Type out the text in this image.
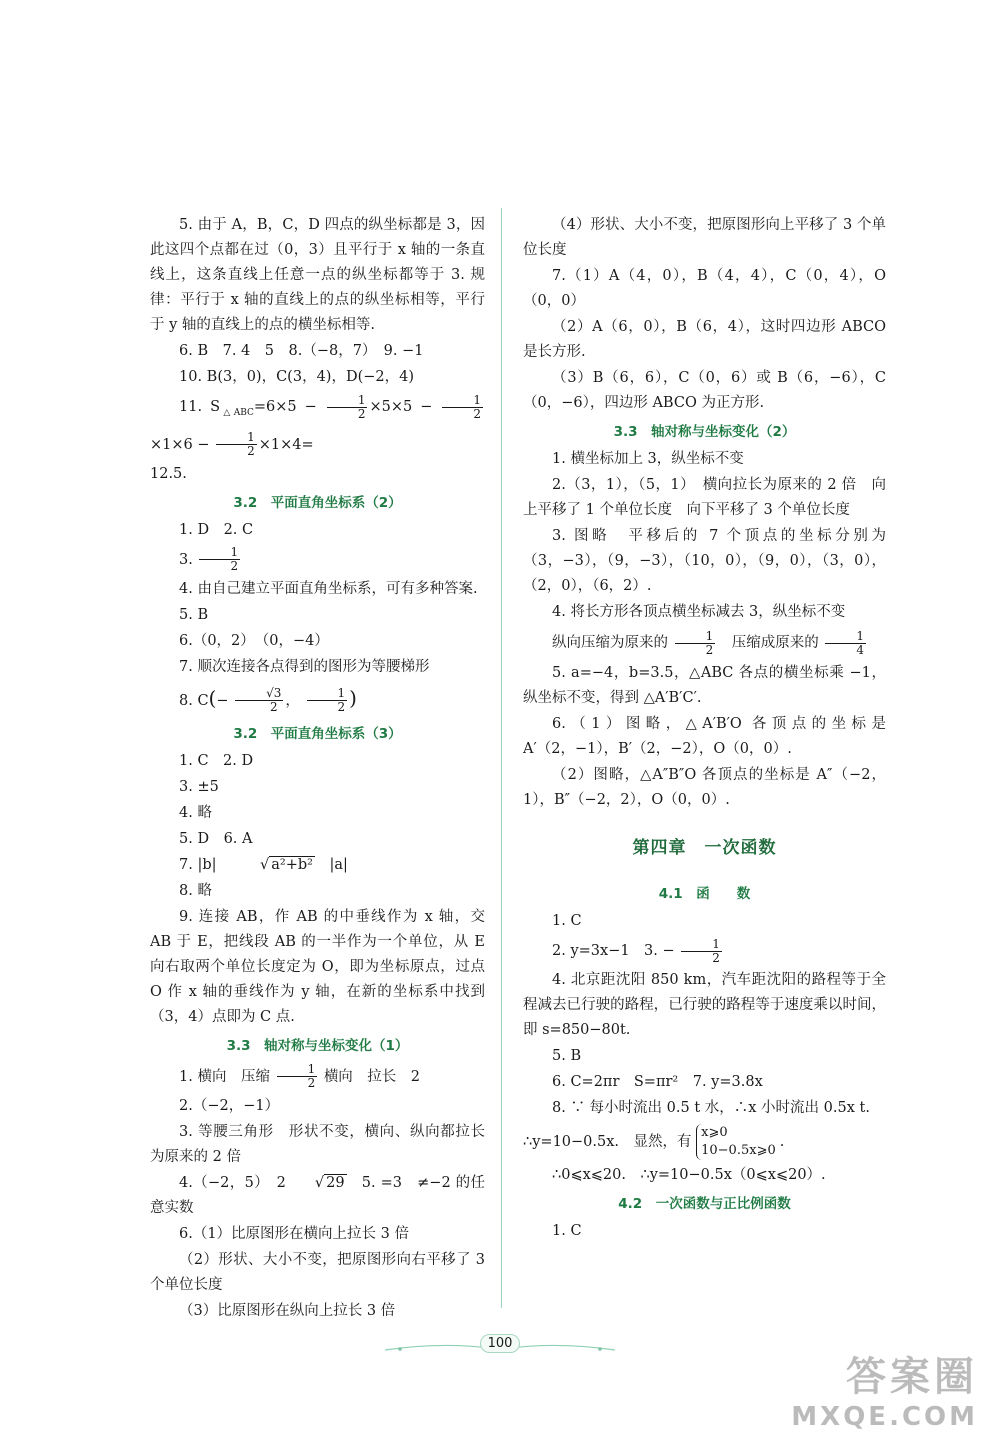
5. 由于 A，B，C，D 四点的纵坐标都是 3，因此这四个点都在过（0，3）且平行于 x 轴的一条直线上，这条直线上任意一点的纵坐标都等于 3. 规律：平行于 x 轴的直线上的点的纵坐标相等，平行于 y 轴的直线上的点的横坐标相等.

6. B　7. 4　5　8.（−8，7）　9. −1

10. B(3，0)，C(3，4)，D(−2，4)

11. $S_{\triangle ABC}=6\times 5 - \frac{1}{2} \times 5\times 5 - \frac{1}{2}$
$\times 1\times 6 - \frac{1}{2} \times 1\times 4=$

12.5.

3.2　平面直角坐标系（2）

1. D　2. C

3. $\frac{1}{2}$

4. 由自己建立平面直角坐标系，可有多种答案.

5. B

6.（0，2）　（0，−4）

7. 顺次连接各点得到的图形为等腰梯形

8. $C(- \frac{√3}{2}$ ， $\frac{1}{2}$ )

3.2　平面直角坐标系（3）

1. C　2. D

3. ±5

4. 略

5. D　6. A

7. |b|　	√ a²+b²　 |a|

8. 略

9. 连接 AB，作 AB 的中垂线作为 x 轴，交 AB 于 E，把线段 AB 的一半作为一个单位，从 E 向右取两个单位长度定为 O，即为坐标原点，过点 O 作 x 轴的垂线作为 y 轴，在新的坐标系中找到（3，4）点即为 C 点.

3.3　轴对称与坐标变化（1）

1. 横向　压缩 $\frac{1}{2}$ 横向　拉长　2

2.（−2，−1）

3. 等腰三角形　形状不变，横向、纵向都拉长为原来的 2 倍

4.（−2，5）　2 √ 29　5. =3　≠−2 的任意实数

6.（1）比原图形在横向上拉长 3 倍

（2）形状、大小不变，把原图形向右平移了 3 个单位长度

（3）比原图形在纵向上拉长 3 倍

（4）形状、大小不变，把原图形向上平移了 3 个单位长度

7.（1）A（4，0），B（4，4），C（0，4），O（0，0）

（2）A（6，0），B（6，4），这时四边形 ABCO 是长方形.

（3）B（6，6），C（0，6）或 B（6，−6），C（0，−6），四边形 ABCO 为正方形.

3.3　轴对称与坐标变化（2）

1. 横坐标加上 3，纵坐标不变

2.（3，1），（5，1）　横向拉长为原来的 2 倍　向上平移了 1 个单位长度　向下平移了 3 个单位长度

3. 图略　平移后的 7 个顶点的坐标分别为（3，−3），（9，−3），（10，0），（9，0），（3，0），（2，0），（6，2）.

4. 将长方形各顶点横坐标减去 3，纵坐标不变

纵向压缩为原来的 $\frac{1}{2}$ 　压缩成原来的 $\frac{1}{4}$

5. a=−4，b=3.5，△ABC 各点的横坐标乘 −1，纵坐标不变，得到 △A′B′C′.

6.（1）图略，△A′B′O 各顶点的坐标是 A′（2，−1），B′（2，−2），O（0，0）.

（2）图略，△A″B″O 各顶点的坐标是 A″（−2，1），B″（−2，2），O（0，0）.

第四章　一次函数
4.1　函　　数

1. C

2. y=3x−1　3. − $\frac{1}{2}$

4. 北京距沈阳 850 km，汽车距沈阳的路程等于全程减去已行驶的路程，已行驶的路程等于速度乘以时间，即 s=850−80t.

5. B

6. C=2πr　S=πr²　7. y=3.8x

8. ∵ 每小时流出 0.5 t 水，∴x 小时流出 0.5x t.

∴y=10−0.5x.　显然，有
x⩾0
10−0.5x⩾0
.

∴0⩽x⩽20.　∴y=10−0.5x（0⩽x⩽20）.

4.2　一次函数与正比例函数

1. C

100
答案圈
MXQE.COM
